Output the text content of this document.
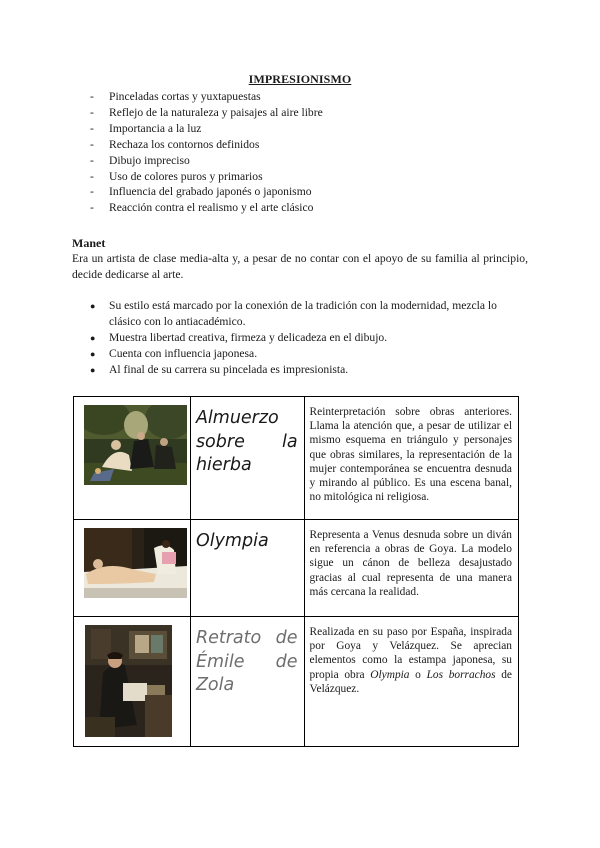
IMPRESIONISMO
- Pinceladas cortas y yuxtapuestas
- Reflejo de la naturaleza y paisajes al aire libre
- Importancia a la luz
- Rechaza los contornos definidos
- Dibujo impreciso
- Uso de colores puros y primarios
- Influencia del grabado japonés o japonismo
- Reacción contra el realismo y el arte clásico
Manet

Era un artista de clase media-alta y, a pesar de no contar con el apoyo de su familia al principio, decide dedicarse al arte.

● Su estilo está marcado por la conexión de la tradición con la modernidad, mezcla lo clásico con lo antiacadémico.
● Muestra libertad creativa, firmeza y delicadeza en el dibujo.
● Cuenta con influencia japonesa.
● Al final de su carrera su pincelada es impresionista.

Almuerzo sobre la hierba	Reinterpretación sobre obras anteriores. Llama la atención que, a pesar de utilizar el mismo esquema en triángulo y personajes que obras similares, la representación de la mujer contemporánea se encuentra desnuda y mirando al público. Es una escena banal, no mitológica ni religiosa.

Olympia	Representa a Venus desnuda sobre un diván en referencia a obras de Goya. La modelo sigue un cánon de belleza desajustado gracias al cual representa de una manera más cercana la realidad.

Retrato de Émile de Zola	Realizada en su paso por España, inspirada por Goya y Velázquez. Se aprecian elementos como la estampa japonesa, su propia obra Olympia o Los borrachos de Velázquez.
